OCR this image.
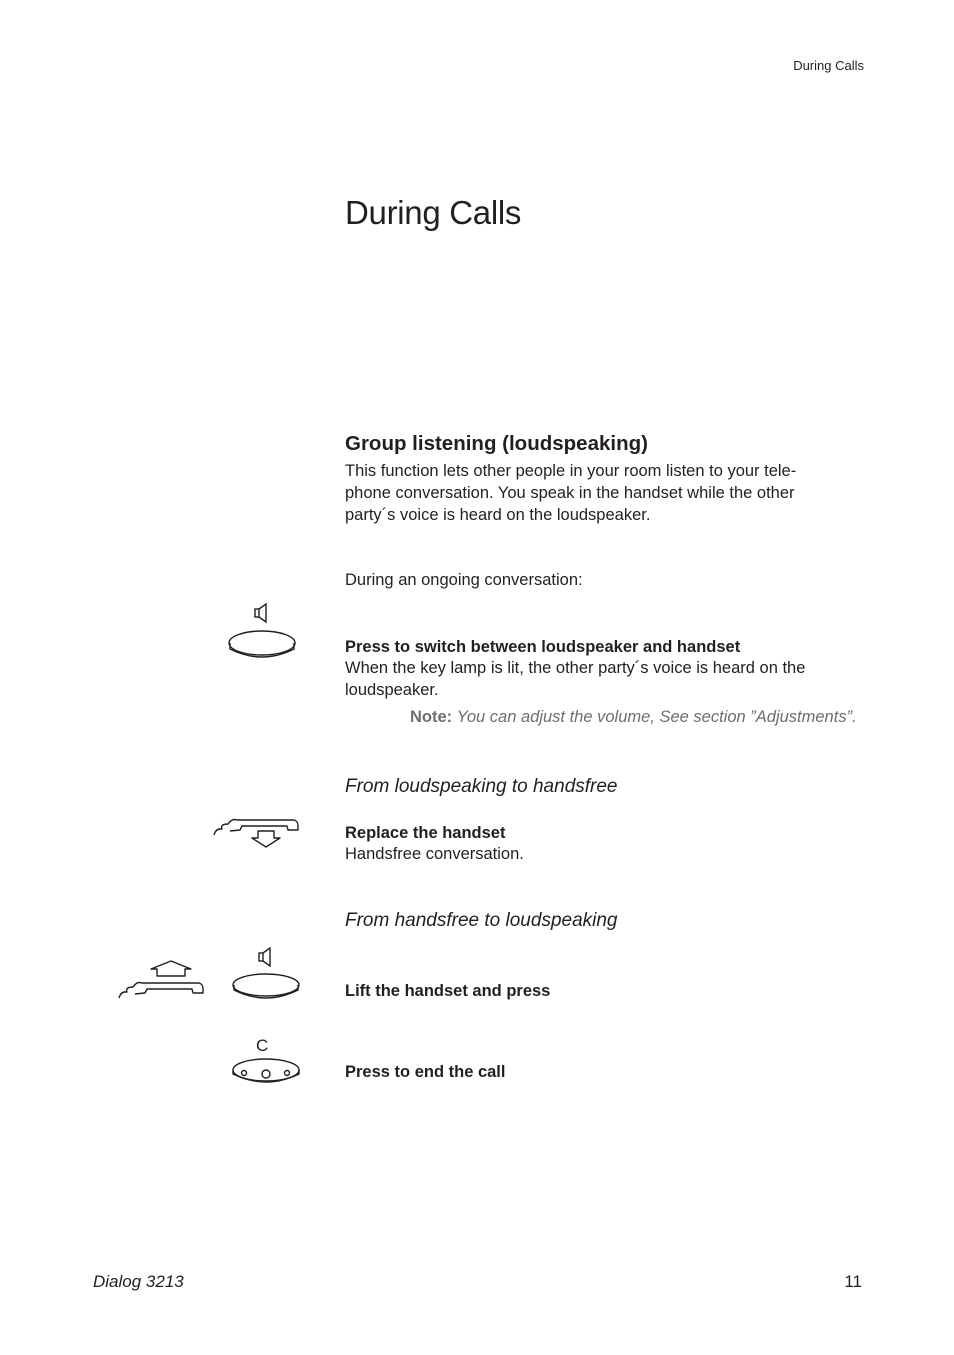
During Calls
During Calls
Group listening (loudspeaking)
This function lets other people in your room listen to your tele-
phone conversation. You speak in the handset while the other
party´s voice is heard on the loudspeaker.
During an ongoing conversation:
Press to switch between loudspeaker and handset
When the key lamp is lit, the other party´s voice is heard on the
loudspeaker.
Note: You can adjust the volume, See section ”Adjustments”.
From loudspeaking to handsfree
Replace the handset
Handsfree conversation.
From handsfree to loudspeaking
Lift the handset and press
C
Press to end the call
Dialog 3213	11
